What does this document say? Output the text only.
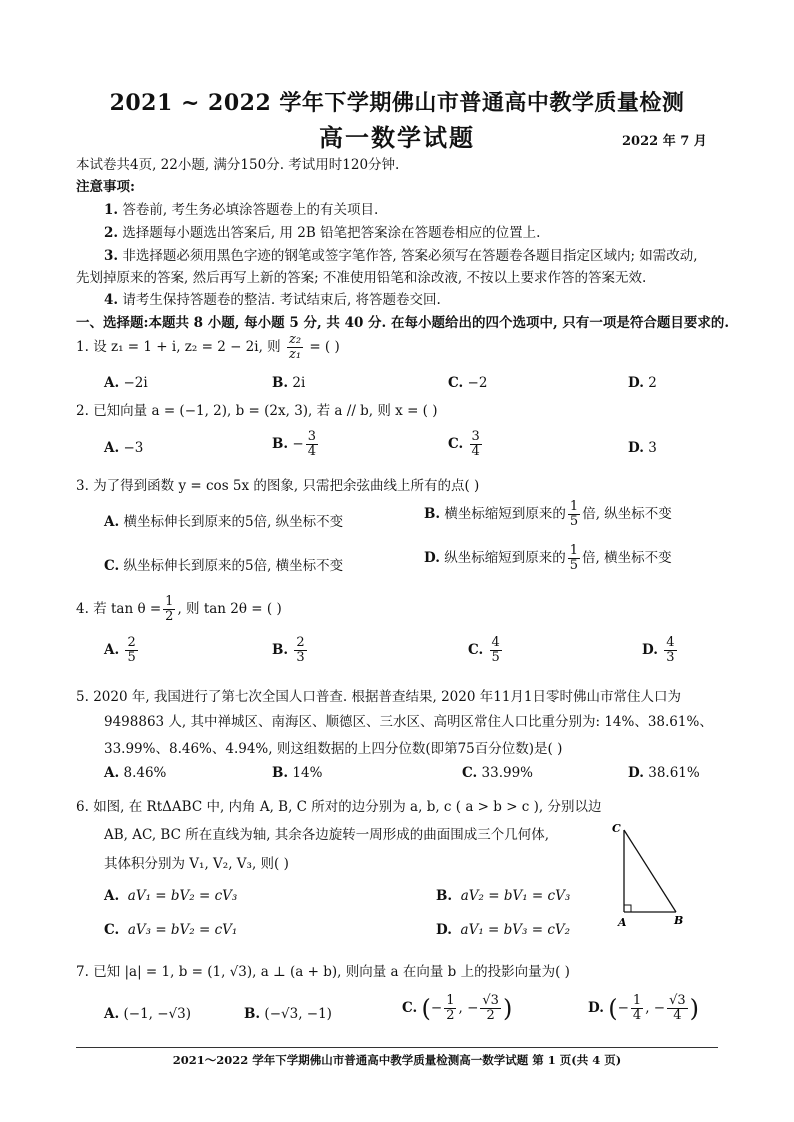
2021 ~ 2022 学年下学期佛山市普通高中教学质量检测
高一数学试题	2022 年 7 月
本试卷共4页, 22小题, 满分150分. 考试用时120分钟.
注意事项:
1. 答卷前, 考生务必填涂答题卷上的有关项目.
2. 选择题每小题选出答案后, 用 2B 铅笔把答案涂在答题卷相应的位置上.
3. 非选择题必须用黑色字迹的钢笔或签字笔作答, 答案必须写在答题卷各题目指定区域内; 如需改动,
先划掉原来的答案, 然后再写上新的答案; 不准使用铅笔和涂改液, 不按以上要求作答的答案无效.
4. 请考生保持答题卷的整洁. 考试结束后, 将答题卷交回.
一、选择题:本题共 8 小题, 每小题 5 分, 共 40 分. 在每小题给出的四个选项中, 只有一项是符合题目要求的.
1. 设 z₁ = 1 + i, z₂ = 2 − 2i, 则 $\frac{\text{z₂}}{\text{z₁}}$ = ( )
A. −2i	B. 2i	C. −2	D. 2
2. 已知向量 a = (−1, 2), b = (2x, 3), 若 a // b, 则 x = ( )
A. −3	B. − $\frac{3}{4}$	C. $\frac{3}{4}$	D. 3
3. 为了得到函数 y = cos 5x 的图象, 只需把余弦曲线上所有的点( )
A. 横坐标伸长到原来的5倍, 纵坐标不变	B. 横坐标缩短到原来的 $\frac{1}{5}$ 倍, 纵坐标不变
C. 纵坐标伸长到原来的5倍, 横坐标不变	D. 纵坐标缩短到原来的 $\frac{1}{5}$ 倍, 横坐标不变
4. 若 $\tan \theta = \frac{1}{2}$ , 则 tan 2θ = ( )
A. $\frac{2}{5}$	B. $\frac{2}{3}$	C. $\frac{4}{5}$	D. $\frac{4}{3}$
5. 2020 年, 我国进行了第七次全国人口普查. 根据普查结果, 2020 年11月1日零时佛山市常住人口为
9498863 人, 其中禅城区、南海区、顺德区、三水区、高明区常住人口比重分别为: 14%、38.61%、
33.99%、8.46%、4.94%, 则这组数据的上四分位数(即第75百分位数)是( )
A. 8.46%	B. 14%	C. 33.99%	D. 38.61%
6. 如图, 在 RtΔABC 中, 内角 A, B, C 所对的边分别为 a, b, c ( a > b > c ), 分别以边
AB, AC, BC 所在直线为轴, 其余各边旋转一周形成的曲面围成三个几何体,
其体积分别为 V₁, V₂, V₃, 则( )
A. aV₁ = bV₂ = cV₃	B. aV₂ = bV₁ = cV₃
C. aV₃ = bV₂ = cV₁	D. aV₁ = bV₃ = cV₂
C
A	B
7. 已知 |a| = 1, b = (1, √3), a ⊥ (a + b), 则向量 a 在向量 b 上的投影向量为( )
A. (−1, −√3)	B. (−√3, −1)	C. (− $\frac{1}{2}$ , − $\frac{√3}{2}$ )	D. (− $\frac{1}{4}$ , − $\frac{√3}{4}$ )
2021～2022 学年下学期佛山市普通高中教学质量检测高一数学试题 第 1 页(共 4 页)
